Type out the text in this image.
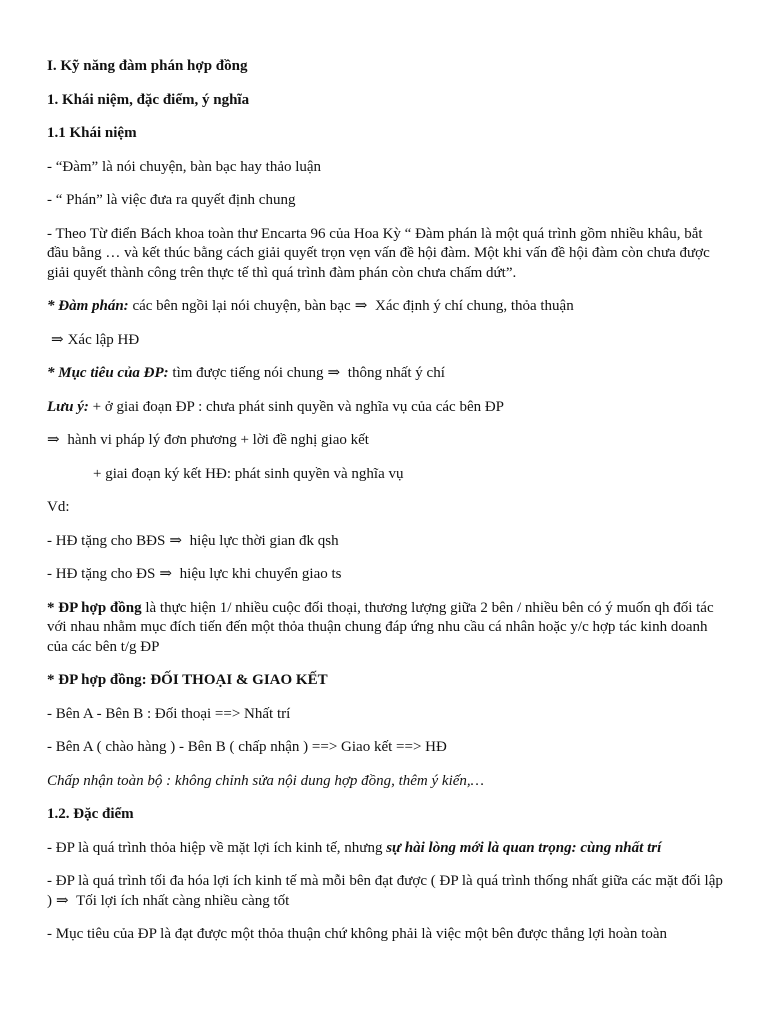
I. Kỹ năng đàm phán hợp đồng

1. Khái niệm, đặc điểm, ý nghĩa

1.1 Khái niệm

- “Đàm” là nói chuyện, bàn bạc hay thảo luận

- “ Phán” là việc đưa ra quyết định chung

- Theo Từ điển Bách khoa toàn thư Encarta 96 của Hoa Kỳ “ Đàm phán là một quá trình gồm nhiều khâu, bắt đầu bằng … và kết thúc bằng cách giải quyết trọn vẹn vấn đề hội đàm. Một khi vấn đề hội đàm còn chưa được giải quyết thành công trên thực tế thì quá trình đàm phán còn chưa chấm dứt”.

* Đàm phán: các bên ngồi lại nói chuyện, bàn bạc ⇒ Xác định ý chí chung, thỏa thuận

⇒ Xác lập HĐ

* Mục tiêu của ĐP: tìm được tiếng nói chung ⇒ thông nhất ý chí

Lưu ý: + ở giai đoạn ĐP : chưa phát sinh quyền và nghĩa vụ của các bên ĐP

⇒ hành vi pháp lý đơn phương + lời đề nghị giao kết

+ giai đoạn ký kết HĐ: phát sinh quyền và nghĩa vụ

Vd:

- HĐ tặng cho BĐS ⇒ hiệu lực thời gian đk qsh

- HĐ tặng cho ĐS ⇒ hiệu lực khi chuyển giao ts

* ĐP hợp đồng là thực hiện 1/ nhiều cuộc đối thoại, thương lượng giữa 2 bên / nhiều bên có ý muốn qh đối tác với nhau nhằm mục đích tiến đến một thỏa thuận chung đáp ứng nhu cầu cá nhân hoặc y/c hợp tác kinh doanh của các bên t/g ĐP

* ĐP hợp đồng: ĐỐI THOẠI & GIAO KẾT

- Bên A - Bên B : Đối thoại ==> Nhất trí

- Bên A ( chào hàng ) - Bên B ( chấp nhận ) ==> Giao kết ==> HĐ

Chấp nhận toàn bộ : không chỉnh sửa nội dung hợp đồng, thêm ý kiến,…

1.2. Đặc điểm

- ĐP là quá trình thỏa hiệp về mặt lợi ích kinh tế, nhưng sự hài lòng mới là quan trọng: cùng nhất trí

- ĐP là quá trình tối đa hóa lợi ích kinh tế mà mỗi bên đạt được ( ĐP là quá trình thống nhất giữa các mặt đối lập ) ⇒ Tối lợi ích nhất càng nhiều càng tốt

- Mục tiêu của ĐP là đạt được một thỏa thuận chứ không phải là việc một bên được thắng lợi hoàn toàn
